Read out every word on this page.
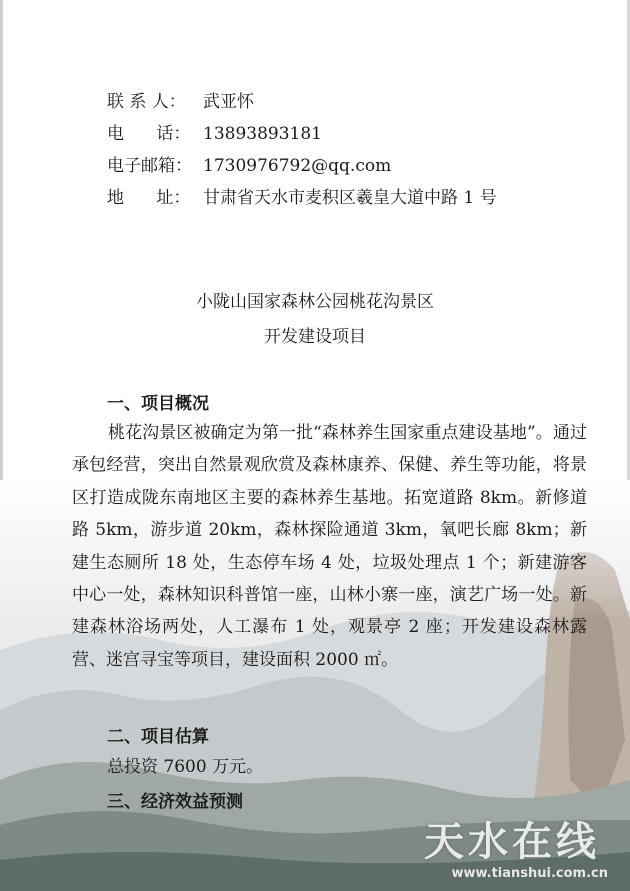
联 系 人：	武亚怀
电      话： 13893893181
电子邮箱： 1730976792@qq.com
地      址： 甘肃省天水市麦积区羲皇大道中路 1 号
小陇山国家森林公园桃花沟景区
开发建设项目
一、项目概况
桃花沟景区被确定为第一批“森林养生国家重点建设基地”。通过承包经营，突出自然景观欣赏及森林康养、保健、养生等功能，将景区打造成陇东南地区主要的森林养生基地。拓宽道路 8km。新修道路 5km，游步道 20km，森林探险通道 3km，氧吧长廊 8km；新建生态厕所 18 处，生态停车场 4 处，垃圾处理点 1 个；新建游客中心一处，森林知识科普馆一座，山林小寨一座，演艺广场一处。新建森林浴场两处，人工瀑布 1 处，观景亭 2 座；开发建设森林露营、迷宫寻宝等项目，建设面积 2000 ㎡。
二、项目估算
总投资 7600 万元。
三、经济效益预测
天水在线
www.tianshui.com.cn
